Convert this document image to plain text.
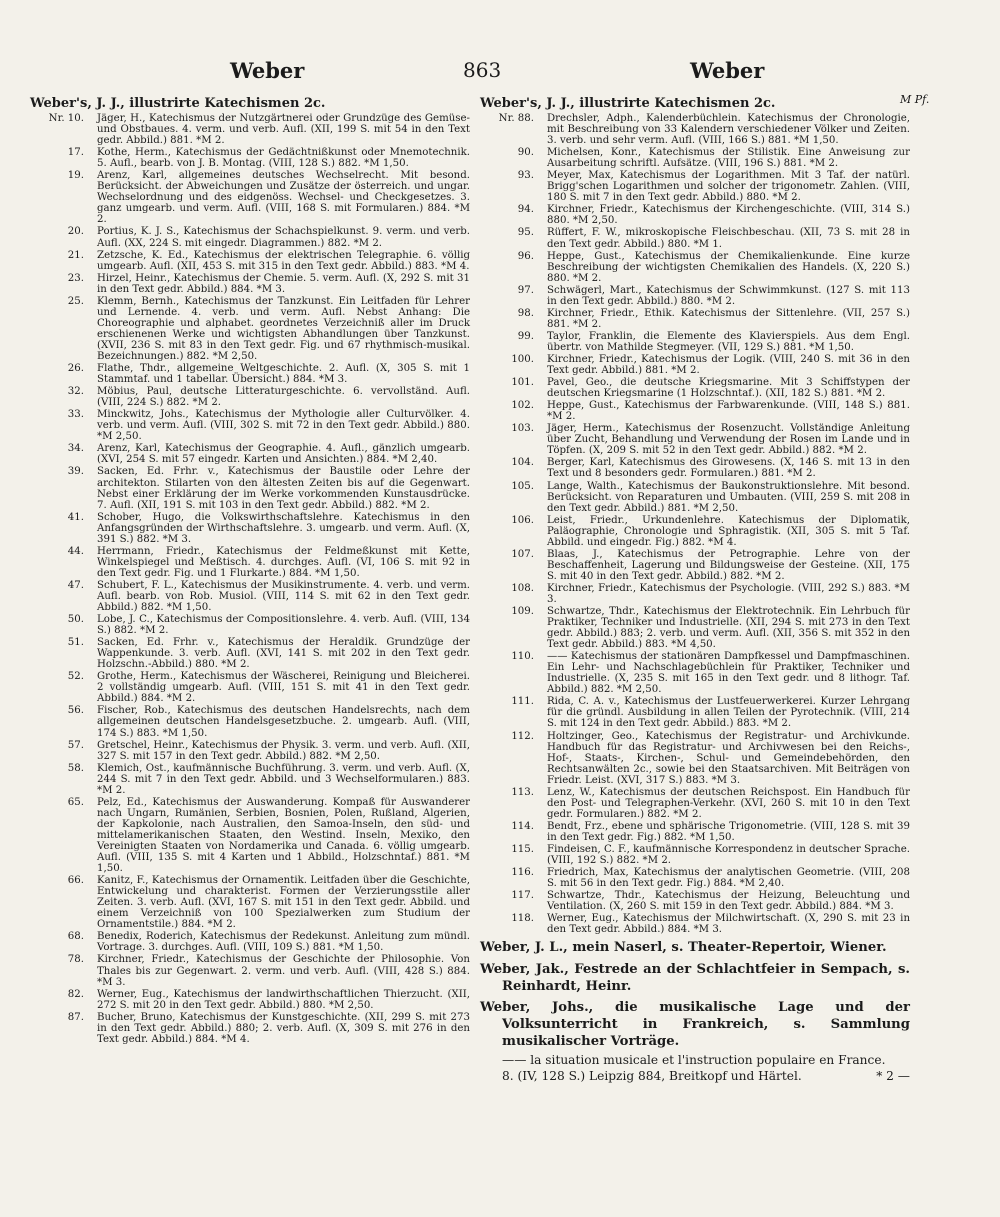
Weber	863	Weber
M Pf.
Weber's, J. J., illustrirte Katechismen 2c.
Nr. 10. Jäger, H., Katechismus der Nutzgärtnerei oder Grundzüge des Gemüse- und Obstbaues. 4. verm. und verb. Aufl. (XII, 199 S. mit 54 in den Text gedr. Abbild.) 881. *M 2.
17. Kothe, Herm., Katechismus der Gedächtnißkunst oder Mnemotechnik. 5. Aufl., bearb. von J. B. Montag. (VIII, 128 S.) 882. *M 1,50.
19. Arenz, Karl, allgemeines deutsches Wechselrecht. Mit besond. Berücksicht. der Abweichungen und Zusätze der österreich. und ungar. Wechselordnung und des eidgenöss. Wechsel- und Checkgesetzes. 3. ganz umgearb. und verm. Aufl. (VIII, 168 S. mit Formularen.) 884. *M 2.
20. Portius, K. J. S., Katechismus der Schachspielkunst. 9. verm. und verb. Aufl. (XX, 224 S. mit eingedr. Diagrammen.) 882. *M 2.
21. Zetzsche, K. Ed., Katechismus der elektrischen Telegraphie. 6. völlig umgearb. Aufl. (XII, 453 S. mit 315 in den Text gedr. Abbild.) 883. *M 4.
23. Hirzel, Heinr., Katechismus der Chemie. 5. verm. Aufl. (X, 292 S. mit 31 in den Text gedr. Abbild.) 884. *M 3.
25. Klemm, Bernh., Katechismus der Tanzkunst. Ein Leitfaden für Lehrer und Lernende. 4. verb. und verm. Aufl. Nebst Anhang: Die Choreographie und alphabet. geordnetes Verzeichniß aller im Druck erschienenen Werke und wichtigsten Abhandlungen über Tanzkunst. (XVII, 236 S. mit 83 in den Text gedr. Fig. und 67 rhythmisch-musikal. Bezeichnungen.) 882. *M 2,50.
26. Flathe, Thdr., allgemeine Weltgeschichte. 2. Aufl. (X, 305 S. mit 1 Stammtaf. und 1 tabellar. Übersicht.) 884. *M 3.
32. Möbius, Paul, deutsche Litteraturgeschichte. 6. vervollständ. Aufl. (VIII, 224 S.) 882. *M 2.
33. Minckwitz, Johs., Katechismus der Mythologie aller Culturvölker. 4. verb. und verm. Aufl. (VIII, 302 S. mit 72 in den Text gedr. Abbild.) 880. *M 2,50.
34. Arenz, Karl, Katechismus der Geographie. 4. Aufl., gänzlich umgearb. (XVI, 254 S. mit 57 eingedr. Karten und Ansichten.) 884. *M 2,40.
39. Sacken, Ed. Frhr. v., Katechismus der Baustile oder Lehre der architekton. Stilarten von den ältesten Zeiten bis auf die Gegenwart. Nebst einer Erklärung der im Werke vorkommenden Kunstausdrücke. 7. Aufl. (XII, 191 S. mit 103 in den Text gedr. Abbild.) 882. *M 2.
41. Schober, Hugo, die Volkswirthschaftslehre. Katechismus in den Anfangsgründen der Wirthschaftslehre. 3. umgearb. und verm. Aufl. (X, 391 S.) 882. *M 3.
44. Herrmann, Friedr., Katechismus der Feldmeßkunst mit Kette, Winkelspiegel und Meßtisch. 4. durchges. Aufl. (VI, 106 S. mit 92 in den Text gedr. Fig. und 1 Flurkarte.) 884. *M 1,50.
47. Schubert, F. L., Katechismus der Musikinstrumente. 4. verb. und verm. Aufl. bearb. von Rob. Musiol. (VIII, 114 S. mit 62 in den Text gedr. Abbild.) 882. *M 1,50.
50. Lobe, J. C., Katechismus der Compositionslehre. 4. verb. Aufl. (VIII, 134 S.) 882. *M 2.
51. Sacken, Ed. Frhr. v., Katechismus der Heraldik. Grundzüge der Wappenkunde. 3. verb. Aufl. (XVI, 141 S. mit 202 in den Text gedr. Holzschn.-Abbild.) 880. *M 2.
52. Grothe, Herm., Katechismus der Wäscherei, Reinigung und Bleicherei. 2 vollständig umgearb. Aufl. (VIII, 151 S. mit 41 in den Text gedr. Abbild.) 884. *M 2.
56. Fischer, Rob., Katechismus des deutschen Handelsrechts, nach dem allgemeinen deutschen Handelsgesetzbuche. 2. umgearb. Aufl. (VIII, 174 S.) 883. *M 1,50.
57. Gretschel, Heinr., Katechismus der Physik. 3. verm. und verb. Aufl. (XII, 327 S. mit 157 in den Text gedr. Abbild.) 882. *M 2,50.
58. Klemich, Ost., kaufmännische Buchführung. 3. verm. und verb. Aufl. (X, 244 S. mit 7 in den Text gedr. Abbild. und 3 Wechselformularen.) 883. *M 2.
65. Pelz, Ed., Katechismus der Auswanderung. Kompaß für Auswanderer nach Ungarn, Rumänien, Serbien, Bosnien, Polen, Rußland, Algerien, der Kapkolonie, nach Australien, den Samoa-Inseln, den süd- und mittelamerikanischen Staaten, den Westind. Inseln, Mexiko, den Vereinigten Staaten von Nordamerika und Canada. 6. völlig umgearb. Aufl. (VIII, 135 S. mit 4 Karten und 1 Abbild., Holzschntaf.) 881. *M 1,50.
66. Kanitz, F., Katechismus der Ornamentik. Leitfaden über die Geschichte, Entwickelung und charakterist. Formen der Verzierungsstile aller Zeiten. 3. verb. Aufl. (XVI, 167 S. mit 151 in den Text gedr. Abbild. und einem Verzeichniß von 100 Spezialwerken zum Studium der Ornamentstile.) 884. *M 2.
68. Benedix, Roderich, Katechismus der Redekunst. Anleitung zum mündl. Vortrage. 3. durchges. Aufl. (VIII, 109 S.) 881. *M 1,50.
78. Kirchner, Friedr., Katechismus der Geschichte der Philosophie. Von Thales bis zur Gegenwart. 2. verm. und verb. Aufl. (VIII, 428 S.) 884. *M 3.
82. Werner, Eug., Katechismus der landwirthschaftlichen Thierzucht. (XII, 272 S. mit 20 in den Text gedr. Abbild.) 880. *M 2,50.
87. Bucher, Bruno, Katechismus der Kunstgeschichte. (XII, 299 S. mit 273 in den Text gedr. Abbild.) 880; 2. verb. Aufl. (X, 309 S. mit 276 in den Text gedr. Abbild.) 884. *M 4.
Weber's, J. J., illustrirte Katechismen 2c.
Nr. 88. Drechsler, Adph., Kalenderbüchlein. Katechismus der Chronologie, mit Beschreibung von 33 Kalendern verschiedener Völker und Zeiten. 3. verb. und sehr verm. Aufl. (VIII, 166 S.) 881. *M 1,50.
90. Michelsen, Konr., Katechismus der Stilistik. Eine Anweisung zur Ausarbeitung schriftl. Aufsätze. (VIII, 196 S.) 881. *M 2.
93. Meyer, Max, Katechismus der Logarithmen. Mit 3 Taf. der natürl. Brigg'schen Logarithmen und solcher der trigonometr. Zahlen. (VIII, 180 S. mit 7 in den Text gedr. Abbild.) 880. *M 2.
94. Kirchner, Friedr., Katechismus der Kirchengeschichte. (VIII, 314 S.) 880. *M 2,50.
95. Rüffert, F. W., mikroskopische Fleischbeschau. (XII, 73 S. mit 28 in den Text gedr. Abbild.) 880. *M 1.
96. Heppe, Gust., Katechismus der Chemikalienkunde. Eine kurze Beschreibung der wichtigsten Chemikalien des Handels. (X, 220 S.) 880. *M 2.
97. Schwägerl, Mart., Katechismus der Schwimmkunst. (127 S. mit 113 in den Text gedr. Abbild.) 880. *M 2.
98. Kirchner, Friedr., Ethik. Katechismus der Sittenlehre. (VII, 257 S.) 881. *M 2.
99. Taylor, Franklin, die Elemente des Klavierspiels. Aus dem Engl. übertr. von Mathilde Stegmeyer. (VII, 129 S.) 881. *M 1,50.
100. Kirchner, Friedr., Katechismus der Logik. (VIII, 240 S. mit 36 in den Text gedr. Abbild.) 881. *M 2.
101. Pavel, Geo., die deutsche Kriegsmarine. Mit 3 Schiffstypen der deutschen Kriegsmarine (1 Holzschntaf.). (XII, 182 S.) 881. *M 2.
102. Heppe, Gust., Katechismus der Farbwarenkunde. (VIII, 148 S.) 881. *M 2.
103. Jäger, Herm., Katechismus der Rosenzucht. Vollständige Anleitung über Zucht, Behandlung und Verwendung der Rosen im Lande und in Töpfen. (X, 209 S. mit 52 in den Text gedr. Abbild.) 882. *M 2.
104. Berger, Karl, Katechismus des Girowesens. (X, 146 S. mit 13 in den Text und 8 besonders gedr. Formularen.) 881. *M 2.
105. Lange, Walth., Katechismus der Baukonstruktionslehre. Mit besond. Berücksicht. von Reparaturen und Umbauten. (VIII, 259 S. mit 208 in den Text gedr. Abbild.) 881. *M 2,50.
106. Leist, Friedr., Urkundenlehre. Katechismus der Diplomatik, Paläographie, Chronologie und Sphragistik. (XII, 305 S. mit 5 Taf. Abbild. und eingedr. Fig.) 882. *M 4.
107. Blaas, J., Katechismus der Petrographie. Lehre von der Beschaffenheit, Lagerung und Bildungsweise der Gesteine. (XII, 175 S. mit 40 in den Text gedr. Abbild.) 882. *M 2.
108. Kirchner, Friedr., Katechismus der Psychologie. (VIII, 292 S.) 883. *M 3.
109. Schwartze, Thdr., Katechismus der Elektrotechnik. Ein Lehrbuch für Praktiker, Techniker und Industrielle. (XII, 294 S. mit 273 in den Text gedr. Abbild.) 883; 2. verb. und verm. Aufl. (XII, 356 S. mit 352 in den Text gedr. Abbild.) 883. *M 4,50.
110. —— Katechismus der stationären Dampfkessel und Dampfmaschinen. Ein Lehr- und Nachschlagebüchlein für Praktiker, Techniker und Industrielle. (X, 235 S. mit 165 in den Text gedr. und 8 lithogr. Taf. Abbild.) 882. *M 2,50.
111. Rida, C. A. v., Katechismus der Lustfeuerwerkerei. Kurzer Lehrgang für die gründl. Ausbildung in allen Teilen der Pyrotechnik. (VIII, 214 S. mit 124 in den Text gedr. Abbild.) 883. *M 2.
112. Holtzinger, Geo., Katechismus der Registratur- und Archivkunde. Handbuch für das Registratur- und Archivwesen bei den Reichs-, Hof-, Staats-, Kirchen-, Schul- und Gemeindebehörden, den Rechtsanwälten 2c., sowie bei den Staatsarchiven. Mit Beiträgen von Friedr. Leist. (XVI, 317 S.) 883. *M 3.
113. Lenz, W., Katechismus der deutschen Reichspost. Ein Handbuch für den Post- und Telegraphen-Verkehr. (XVI, 260 S. mit 10 in den Text gedr. Formularen.) 882. *M 2.
114. Bendt, Frz., ebene und sphärische Trigonometrie. (VIII, 128 S. mit 39 in den Text gedr. Fig.) 882. *M 1,50.
115. Findeisen, C. F., kaufmännische Korrespondenz in deutscher Sprache. (VIII, 192 S.) 882. *M 2.
116. Friedrich, Max, Katechismus der analytischen Geometrie. (VIII, 208 S. mit 56 in den Text gedr. Fig.) 884. *M 2,40.
117. Schwartze, Thdr., Katechismus der Heizung, Beleuchtung und Ventilation. (X, 260 S. mit 159 in den Text gedr. Abbild.) 884. *M 3.
118. Werner, Eug., Katechismus der Milchwirtschaft. (X, 290 S. mit 23 in den Text gedr. Abbild.) 884. *M 3.
Weber, J. L., mein Naserl, s. Theater-Repertoir, Wiener.
Weber, Jak., Festrede an der Schlachtfeier in Sempach, s. Reinhardt, Heinr.
Weber, Johs., die musikalische Lage und der Volksunterricht in Frankreich, s. Sammlung musikalischer Vorträge.
—— la situation musicale et l'instruction populaire en France.
8. (IV, 128 S.) Leipzig 884, Breitkopf und Härtel.	* 2 —
